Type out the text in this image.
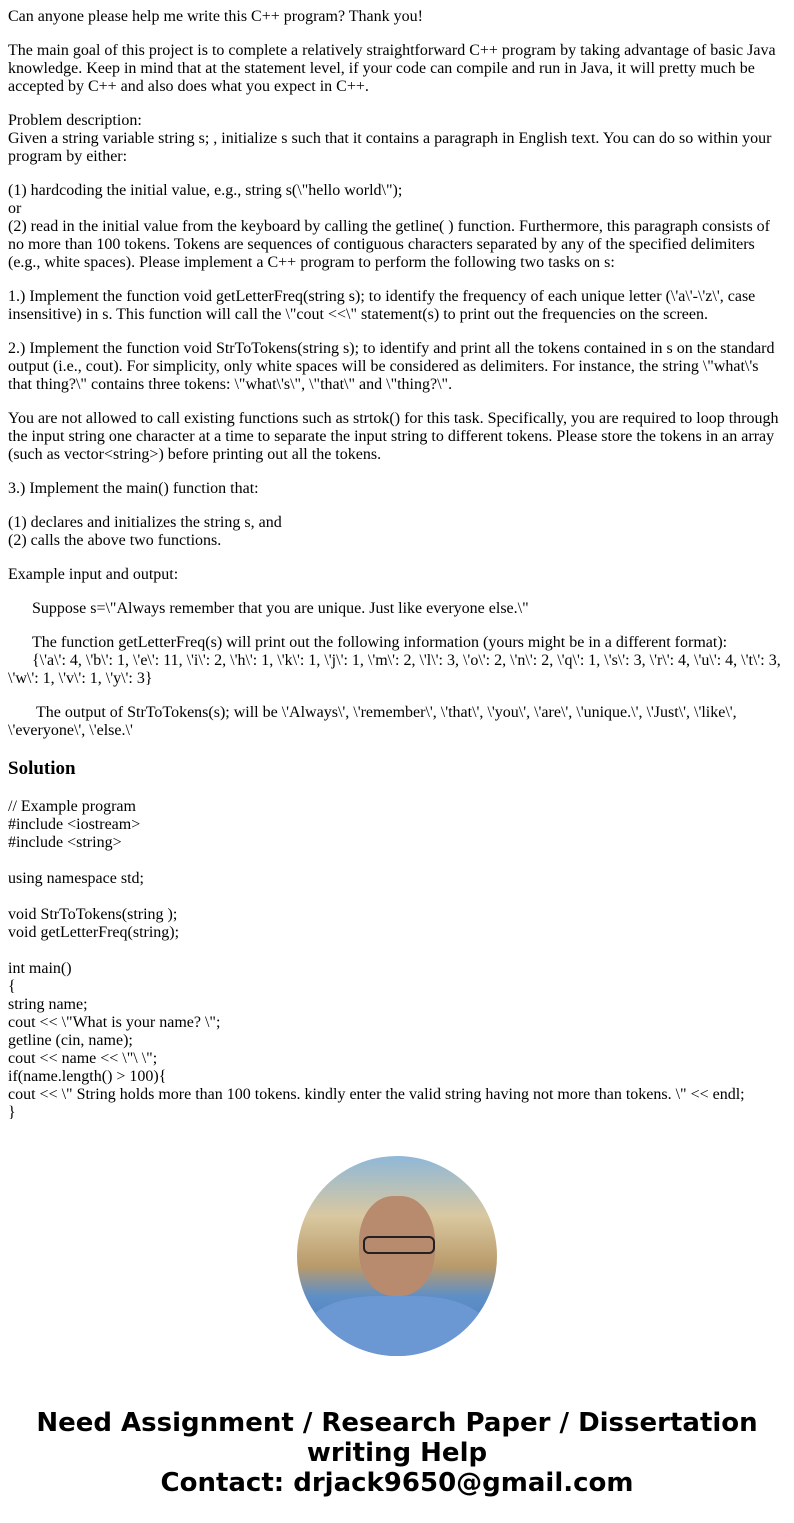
Can anyone please help me write this C++ program? Thank you!

The main goal of this project is to complete a relatively straightforward C++ program by taking advantage of basic Java knowledge. Keep in mind that at the statement level, if your code can compile and run in Java, it will pretty much be accepted by C++ and also does what you expect in C++.

Problem description:
Given a string variable string s; , initialize s such that it contains a paragraph in English text. You can do so within your program by either:

(1) hardcoding the initial value, e.g., string s(\"hello world\");
or
(2) read in the initial value from the keyboard by calling the getline( ) function. Furthermore, this paragraph consists of no more than 100 tokens. Tokens are sequences of contiguous characters separated by any of the specified delimiters (e.g., white spaces). Please implement a C++ program to perform the following two tasks on s:

1.) Implement the function void getLetterFreq(string s); to identify the frequency of each unique letter (\'a\'-\'z\', case insensitive) in s. This function will call the \"cout <<\" statement(s) to print out the frequencies on the screen.

2.) Implement the function void StrToTokens(string s); to identify and print all the tokens contained in s on the standard output (i.e., cout). For simplicity, only white spaces will be considered as delimiters. For instance, the string \"what\'s that thing?\" contains three tokens: \"what\'s\", \"that\" and \"thing?\".

You are not allowed to call existing functions such as strtok() for this task. Specifically, you are required to loop through the input string one character at a time to separate the input string to different tokens. Please store the tokens in an array (such as vector<string>) before printing out all the tokens.

3.) Implement the main() function that:

(1) declares and initializes the string s, and
(2) calls the above two functions.

Example input and output:

Suppose s=\"Always remember that you are unique. Just like everyone else.\"

The function getLetterFreq(s) will print out the following information (yours might be in a different format):
{\'a\': 4, \'b\': 1, \'e\': 11, \'i\': 2, \'h\': 1, \'k\': 1, \'j\': 1, \'m\': 2, \'l\': 3, \'o\': 2, \'n\': 2, \'q\': 1, \'s\': 3, \'r\': 4, \'u\': 4, \'t\': 3, \'w\': 1, \'v\': 1, \'y\': 3}

The output of StrToTokens(s); will be \'Always\', \'remember\', \'that\', \'you\', \'are\', \'unique.\', \'Just\', \'like\', \'everyone\', \'else.\'

Solution
// Example program
#include <iostream>
#include <string>
using namespace std;
void StrToTokens(string );
void getLetterFreq(string);
int main()
{
string name;
cout << \"What is your name? \";
getline (cin, name);
cout << name << \"\ \";
if(name.length() > 100){
cout << \" String holds more than 100 tokens. kindly enter the valid string having not more than tokens. \" << endl;
}
Need Assignment / Research Paper / Dissertation writing Help
Contact: drjack9650@gmail.com
